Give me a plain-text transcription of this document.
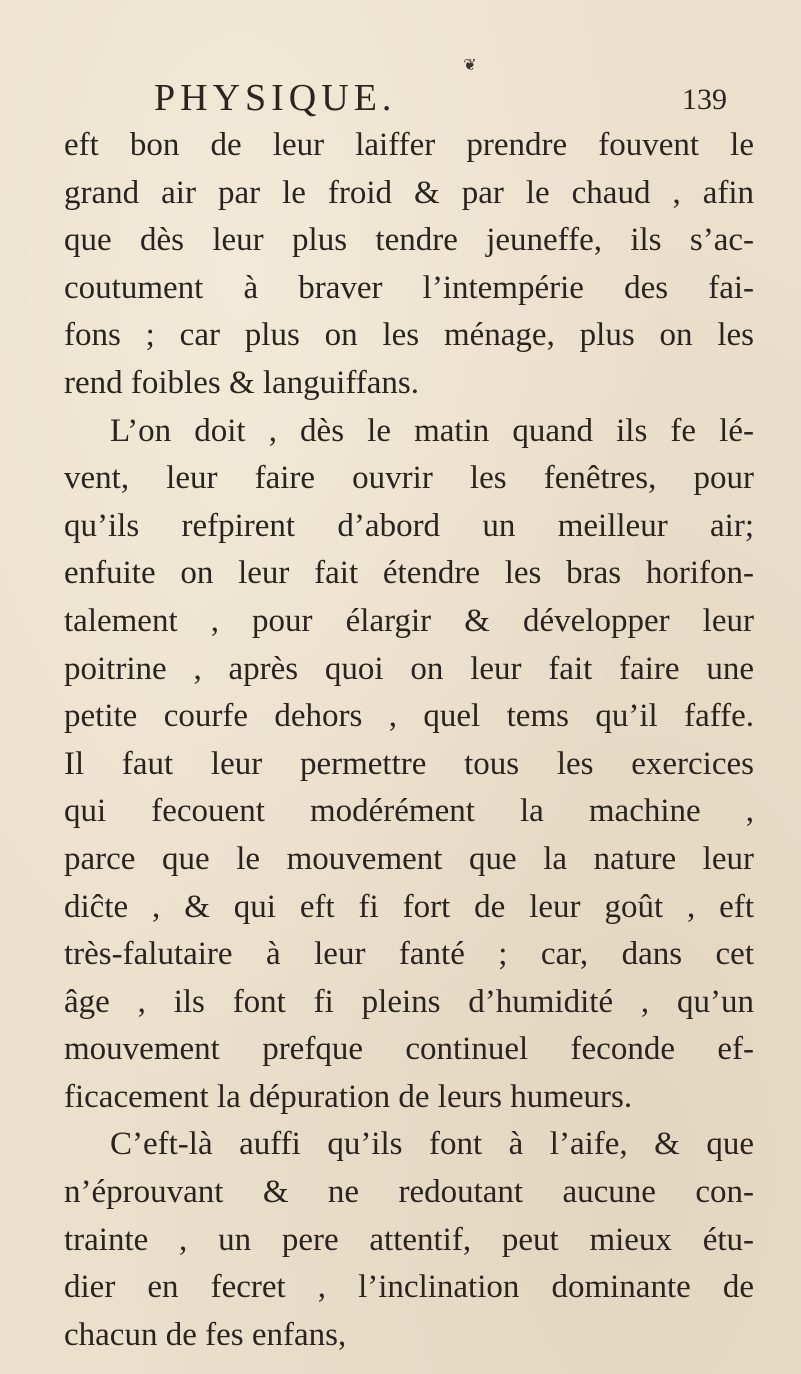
❦
PHYSIQUE.	139
eft bon de leur laiffer prendre fouvent le
grand air par le froid & par le chaud , afin
que dès leur plus tendre jeuneffe, ils s’ac-
coutument à braver l’intempérie des fai-
fons ; car plus on les ménage, plus on les
rend foibles & languiffans.
L’on doit , dès le matin quand ils fe lé-
vent, leur faire ouvrir les fenêtres, pour
qu’ils refpirent d’abord un meilleur air;
enfuite on leur fait étendre les bras horifon-
talement , pour élargir & développer leur
poitrine , après quoi on leur fait faire une
petite courfe dehors , quel tems qu’il faffe.
Il faut leur permettre tous les exercices
qui fecouent modérément la machine ,
parce que le mouvement que la nature leur
diĉte , & qui eft fi fort de leur goût , eft
très-falutaire à leur fanté ; car, dans cet
âge , ils font fi pleins d’humidité , qu’un
mouvement prefque continuel feconde ef-
ficacement la dépuration de leurs humeurs.
C’eft-là auffi qu’ils font à l’aife, & que
n’éprouvant & ne redoutant aucune con-
trainte , un pere attentif, peut mieux étu-
dier en fecret , l’inclination dominante de
chacun de fes enfans,
